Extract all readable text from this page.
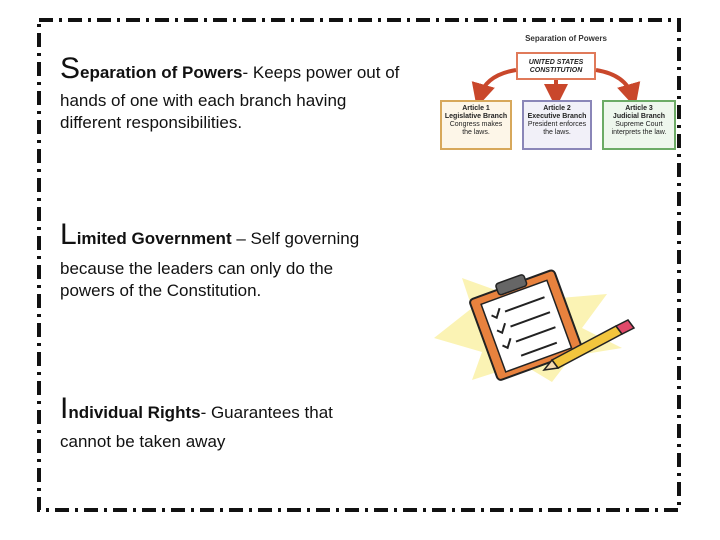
Separation of Powers- Keeps power out of
hands of one with each branch having
different responsibilities.
Limited Government – Self governing
because the leaders can only do the
powers of the Constitution.
Individual Rights- Guarantees that
cannot be taken away
Separation of Powers
UNITED STATES
CONSTITUTION
Article 1
Legislative Branch
Congress makes
the laws.
Article 2
Executive Branch
President enforces
the laws.
Article 3
Judicial Branch
Supreme Court
interprets the law.
